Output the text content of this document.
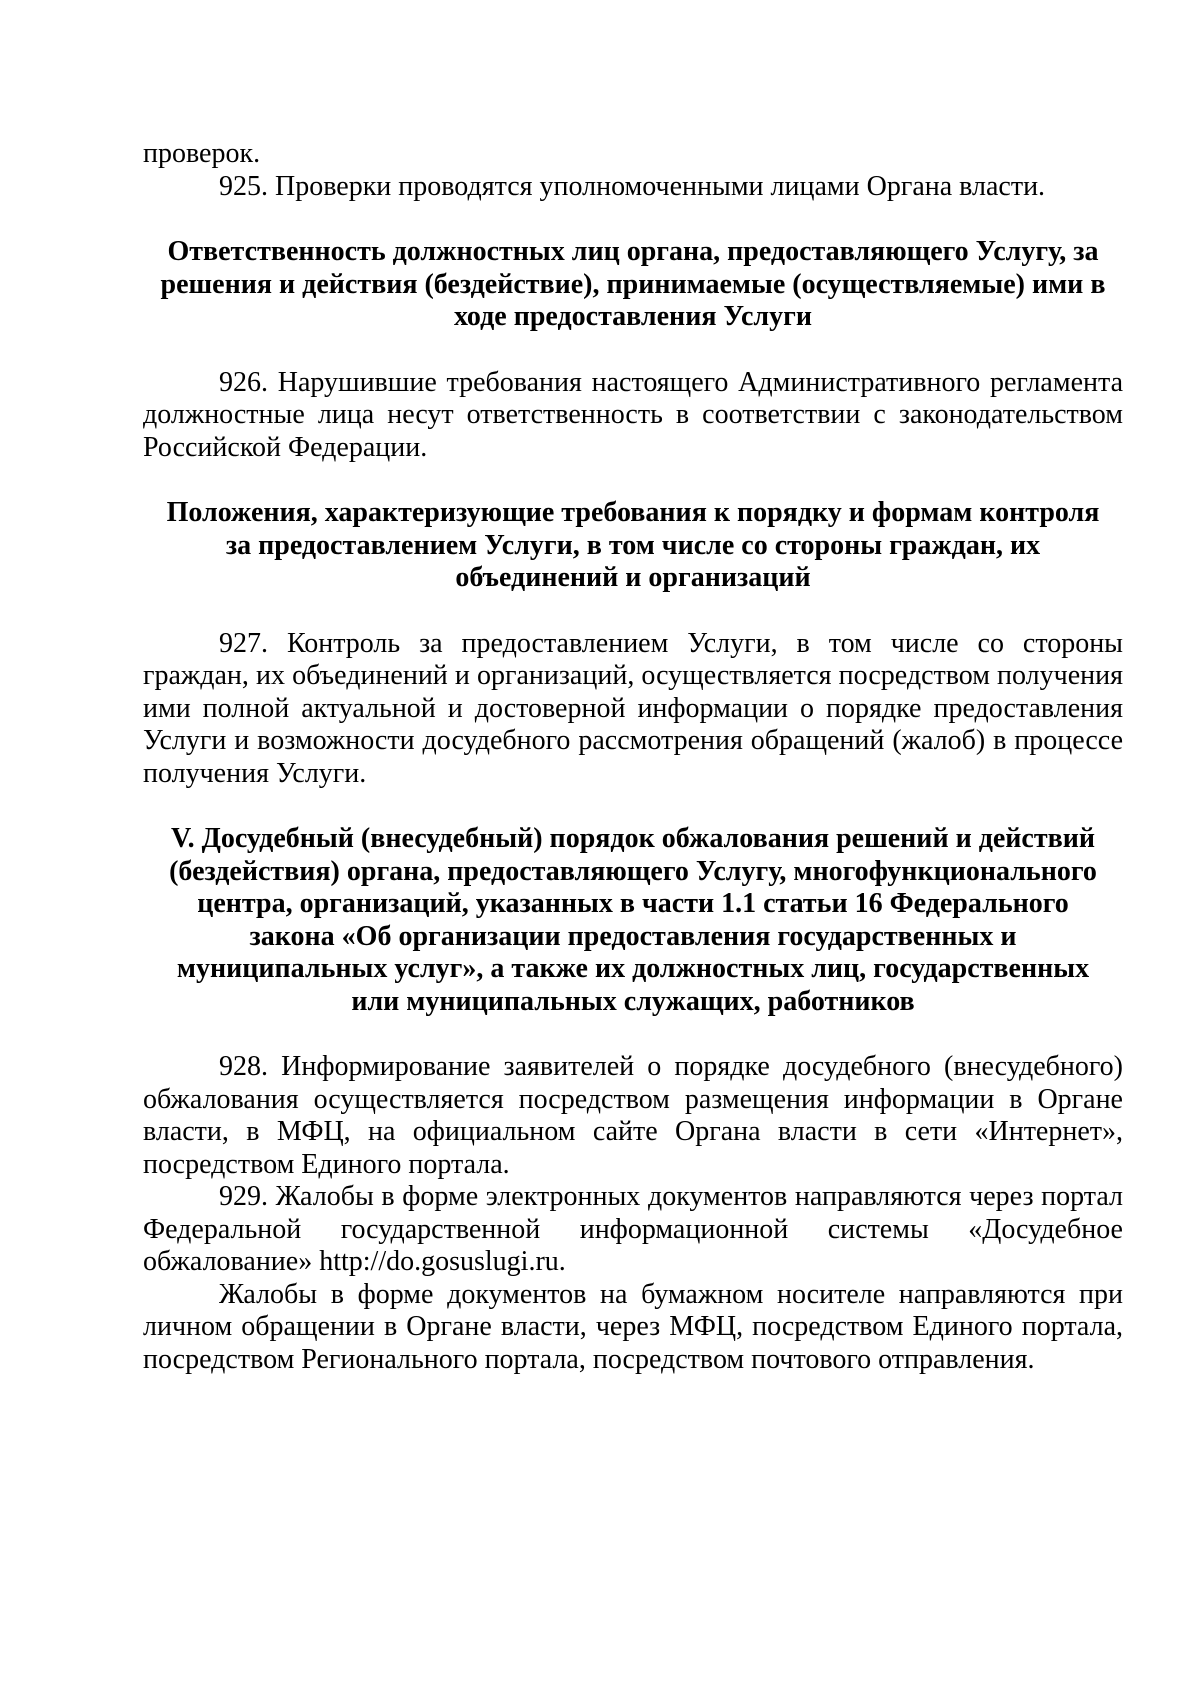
проверок.

925. Проверки проводятся уполномоченными лицами Органа власти.

Ответственность должностных лиц органа, предоставляющего Услугу, за
решения и действия (бездействие), принимаемые (осуществляемые) ими в
ходе предоставления Услуги

926. Нарушившие требования настоящего Административного регламента должностные лица несут ответственность в соответствии с законодательством Российской Федерации.

Положения, характеризующие требования к порядку и формам контроля
за предоставлением Услуги, в том числе со стороны граждан, их
объединений и организаций

927. Контроль за предоставлением Услуги, в том числе со стороны граждан, их объединений и организаций, осуществляется посредством получения ими полной актуальной и достоверной информации о порядке предоставления Услуги и возможности досудебного рассмотрения обращений (жалоб) в процессе получения Услуги.

V. Досудебный (внесудебный) порядок обжалования решений и действий
(бездействия) органа, предоставляющего Услугу, многофункционального
центра, организаций, указанных в части 1.1 статьи 16 Федерального
закона «Об организации предоставления государственных и
муниципальных услуг», а также их должностных лиц, государственных
или муниципальных служащих, работников

928. Информирование заявителей о порядке досудебного (внесудебного) обжалования осуществляется посредством размещения информации в Органе власти, в МФЦ, на официальном сайте Органа власти в сети «Интернет», посредством Единого портала.

929. Жалобы в форме электронных документов направляются через портал Федеральной государственной информационной системы «Досудебное обжалование» http://do.gosuslugi.ru.

Жалобы в форме документов на бумажном носителе направляются при личном обращении в Органе власти, через МФЦ, посредством Единого портала, посредством Регионального портала, посредством почтового отправления.
